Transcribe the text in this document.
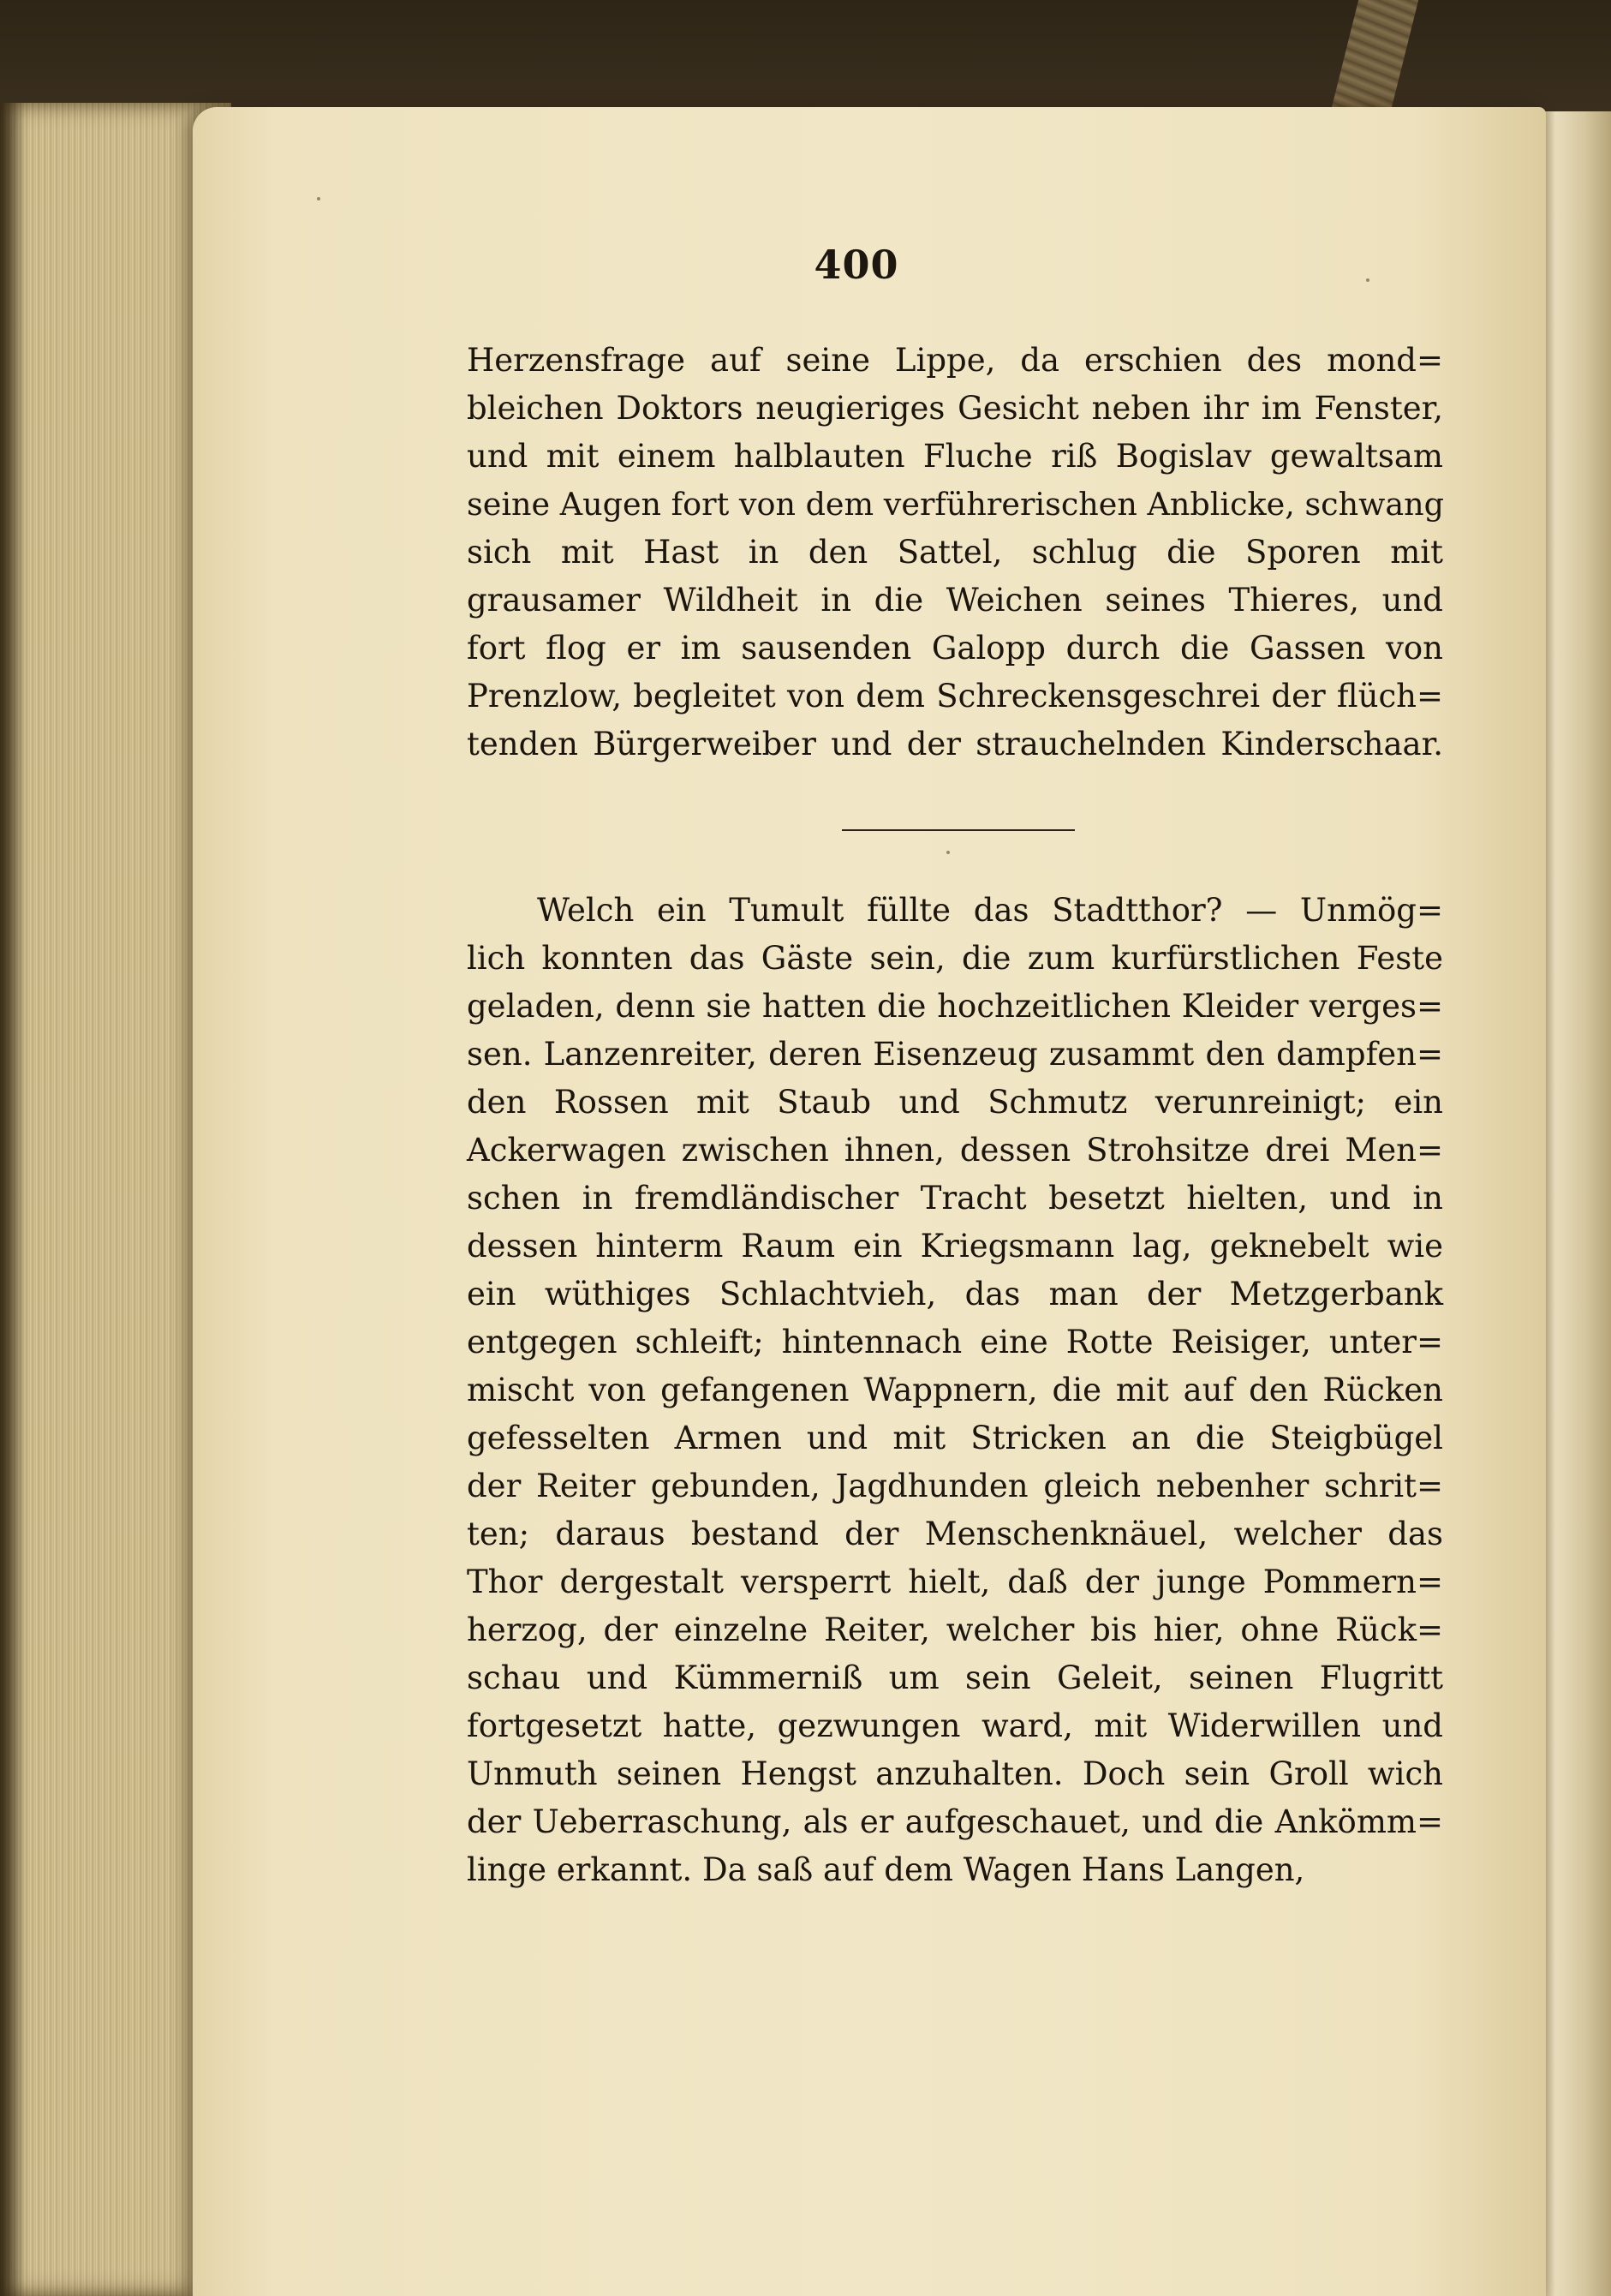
400
Herzensfrage auf seine Lippe, da erschien des mond=
bleichen Doktors neugieriges Gesicht neben ihr im Fenster,
und mit einem halblauten Fluche riß Bogislav gewaltsam
seine Augen fort von dem verführerischen Anblicke, schwang
sich mit Hast in den Sattel, schlug die Sporen mit
grausamer Wildheit in die Weichen seines Thieres, und
fort flog er im sausenden Galopp durch die Gassen von
Prenzlow, begleitet von dem Schreckensgeschrei der flüch=
tenden Bürgerweiber und der strauchelnden Kinderschaar.
Welch ein Tumult füllte das Stadtthor? — Unmög=
lich konnten das Gäste sein, die zum kurfürstlichen Feste
geladen, denn sie hatten die hochzeitlichen Kleider verges=
sen. Lanzenreiter, deren Eisenzeug zusammt den dampfen=
den Rossen mit Staub und Schmutz verunreinigt; ein
Ackerwagen zwischen ihnen, dessen Strohsitze drei Men=
schen in fremdländischer Tracht besetzt hielten, und in
dessen hinterm Raum ein Kriegsmann lag, geknebelt wie
ein wüthiges Schlachtvieh, das man der Metzgerbank
entgegen schleift; hintennach eine Rotte Reisiger, unter=
mischt von gefangenen Wappnern, die mit auf den Rücken
gefesselten Armen und mit Stricken an die Steigbügel
der Reiter gebunden, Jagdhunden gleich nebenher schrit=
ten; daraus bestand der Menschenknäuel, welcher das
Thor dergestalt versperrt hielt, daß der junge Pommern=
herzog, der einzelne Reiter, welcher bis hier, ohne Rück=
schau und Kümmerniß um sein Geleit, seinen Flugritt
fortgesetzt hatte, gezwungen ward, mit Widerwillen und
Unmuth seinen Hengst anzuhalten. Doch sein Groll wich
der Ueberraschung, als er aufgeschauet, und die Ankömm=
linge erkannt. Da saß auf dem Wagen Hans Langen,
